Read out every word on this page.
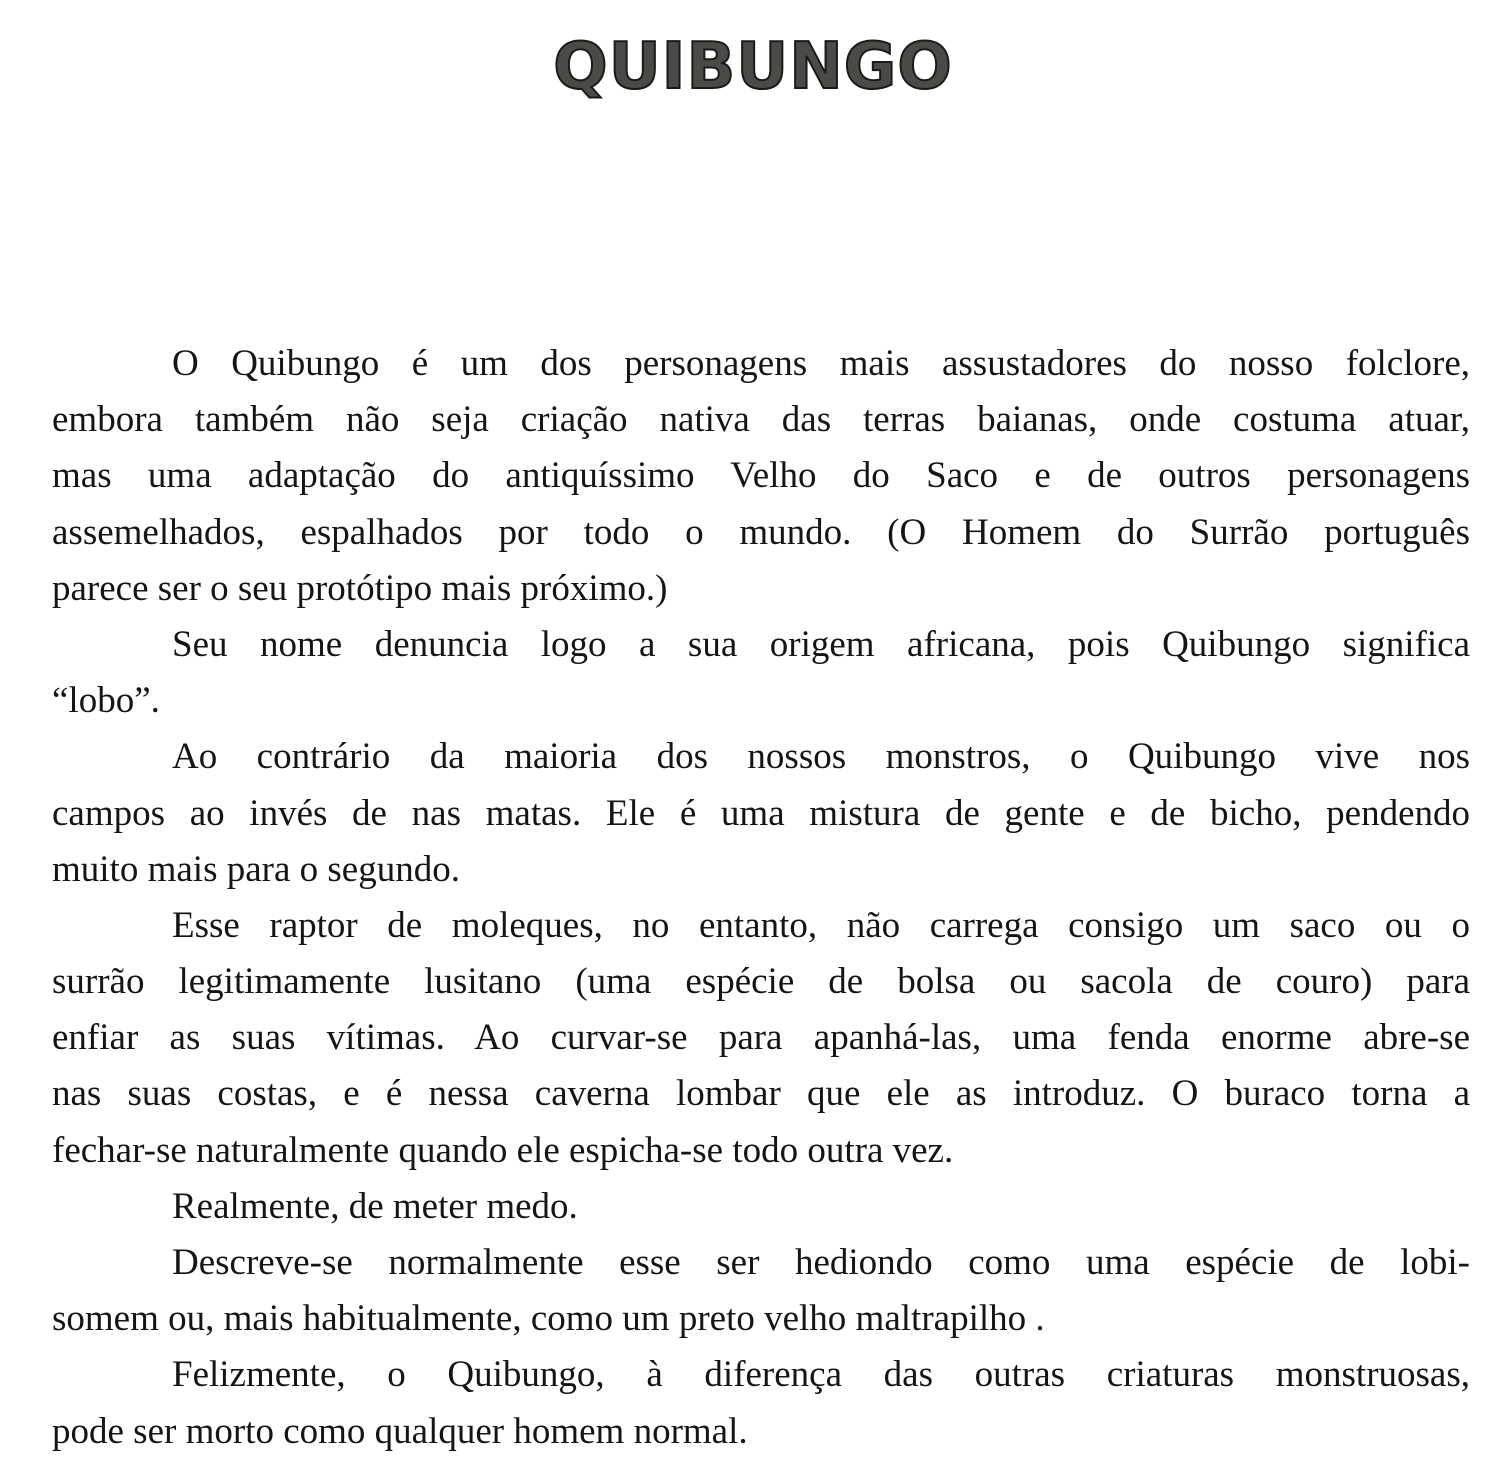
QUIBUNGO
O Quibungo é um dos personagens mais assustadores do nosso folclore,
embora também não seja criação nativa das terras baianas, onde costuma atuar,
mas uma adaptação do antiquíssimo Velho do Saco e de outros personagens
assemelhados, espalhados por todo o mundo. (O Homem do Surrão português
parece ser o seu protótipo mais próximo.)
Seu nome denuncia logo a sua origem africana, pois Quibungo significa
“lobo”.
Ao contrário da maioria dos nossos monstros, o Quibungo vive nos
campos ao invés de nas matas. Ele é uma mistura de gente e de bicho, pendendo
muito mais para o segundo.
Esse raptor de moleques, no entanto, não carrega consigo um saco ou o
surrão legitimamente lusitano (uma espécie de bolsa ou sacola de couro) para
enfiar as suas vítimas. Ao curvar-se para apanhá-las, uma fenda enorme abre-se
nas suas costas, e é nessa caverna lombar que ele as introduz. O buraco torna a
fechar-se naturalmente quando ele espicha-se todo outra vez.
Realmente, de meter medo.
Descreve-se normalmente esse ser hediondo como uma espécie de lobi-
somem ou, mais habitualmente, como um preto velho maltrapilho .
Felizmente, o Quibungo, à diferença das outras criaturas monstruosas,
pode ser morto como qualquer homem normal.
